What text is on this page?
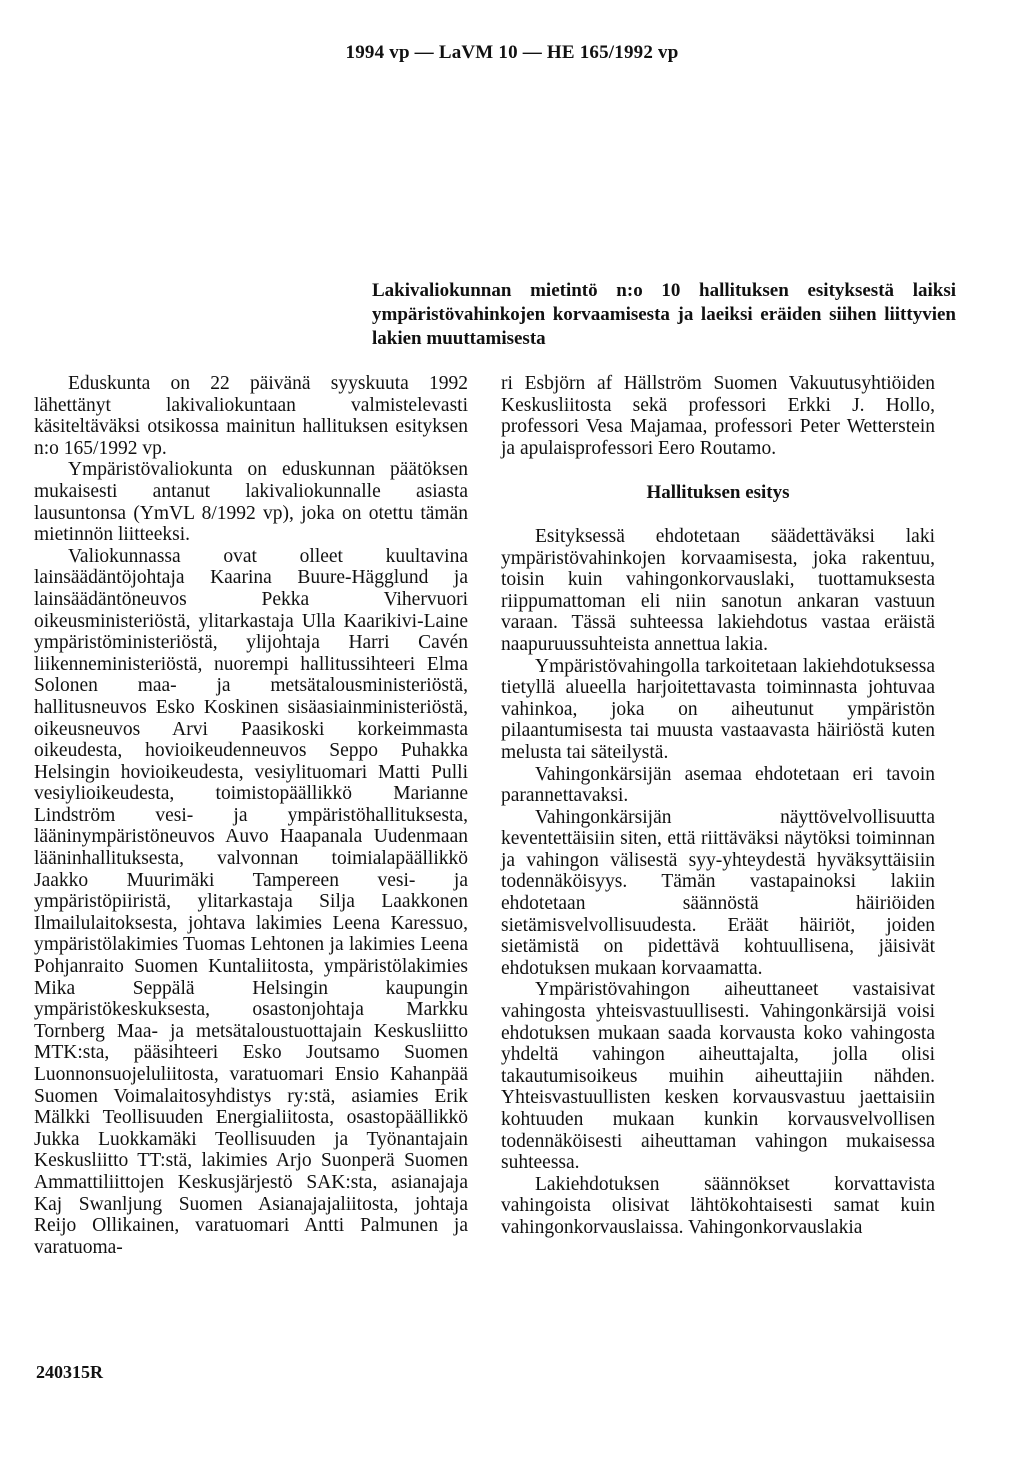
1994 vp — LaVM 10 — HE 165/1992 vp
Lakivaliokunnan mietintö n:o 10 hallituksen esityksestä laiksi ympäristövahinkojen korvaamisesta ja laeiksi eräiden siihen liittyvien lakien muuttamisesta

Eduskunta on 22 päivänä syyskuuta 1992 lähettänyt lakivaliokuntaan valmistelevasti käsiteltäväksi otsikossa mainitun hallituksen esityksen n:o 165/1992 vp.

Ympäristövaliokunta on eduskunnan päätöksen mukaisesti antanut lakivaliokunnalle asiasta lausuntonsa (YmVL 8/1992 vp), joka on otettu tämän mietinnön liitteeksi.

Valiokunnassa ovat olleet kuultavina lainsäädäntöjohtaja Kaarina Buure-Hägglund ja lainsäädäntöneuvos Pekka Vihervuori oikeusministeriöstä, ylitarkastaja Ulla Kaarikivi-Laine ympäristöministeriöstä, ylijohtaja Harri Cavén liikenneministeriöstä, nuorempi hallitussihteeri Elma Solonen maa- ja metsätalousministeriöstä, hallitusneuvos Esko Koskinen sisäasiainministeriöstä, oikeusneuvos Arvi Paasikoski korkeimmasta oikeudesta, hovioikeudenneuvos Seppo Puhakka Helsingin hovioikeudesta, vesiylituomari Matti Pulli vesiylioikeudesta, toimistopäällikkö Marianne Lindström vesi- ja ympäristöhallituksesta, lääninympäristöneuvos Auvo Haapanala Uudenmaan lääninhallituksesta, valvonnan toimialapäällikkö Jaakko Muurimäki Tampereen vesi- ja ympäristöpiiristä, ylitarkastaja Silja Laakkonen Ilmailulaitoksesta, johtava lakimies Leena Karessuo, ympäristölakimies Tuomas Lehtonen ja lakimies Leena Pohjanraito Suomen Kuntaliitosta, ympäristölakimies Mika Seppälä Helsingin kaupungin ympäristökeskuksesta, osastonjohtaja Markku Tornberg Maa- ja metsätaloustuottajain Keskusliitto MTK:sta, pääsihteeri Esko Joutsamo Suomen Luonnonsuojeluliitosta, varatuomari Ensio Kahanpää Suomen Voimalaitosyhdistys ry:stä, asiamies Erik Mälkki Teollisuuden Energialiitosta, osastopäällikkö Jukka Luokkamäki Teollisuuden ja Työnantajain Keskusliitto TT:stä, lakimies Arjo Suonperä Suomen Ammattiliittojen Keskusjärjestö SAK:sta, asianajaja Kaj Swanljung Suomen Asianajajaliitosta, johtaja Reijo Ollikainen, varatuomari Antti Palmunen ja varatuoma-

ri Esbjörn af Hällström Suomen Vakuutusyhtiöiden Keskusliitosta sekä professori Erkki J. Hollo, professori Vesa Majamaa, professori Peter Wetterstein ja apulaisprofessori Eero Routamo.

Hallituksen esitys

Esityksessä ehdotetaan säädettäväksi laki ympäristövahinkojen korvaamisesta, joka rakentuu, toisin kuin vahingonkorvauslaki, tuottamuksesta riippumattoman eli niin sanotun ankaran vastuun varaan. Tässä suhteessa lakiehdotus vastaa eräistä naapuruussuhteista annettua lakia.

Ympäristövahingolla tarkoitetaan lakiehdotuksessa tietyllä alueella harjoitettavasta toiminnasta johtuvaa vahinkoa, joka on aiheutunut ympäristön pilaantumisesta tai muusta vastaavasta häiriöstä kuten melusta tai säteilystä.

Vahingonkärsijän asemaa ehdotetaan eri tavoin parannettavaksi.

Vahingonkärsijän näyttövelvollisuutta keventettäisiin siten, että riittäväksi näytöksi toiminnan ja vahingon välisestä syy-yhteydestä hyväksyttäisiin todennäköisyys. Tämän vastapainoksi lakiin ehdotetaan säännöstä häiriöiden sietämisvelvollisuudesta. Eräät häiriöt, joiden sietämistä on pidettävä kohtuullisena, jäisivät ehdotuksen mukaan korvaamatta.

Ympäristövahingon aiheuttaneet vastaisivat vahingosta yhteisvastuullisesti. Vahingonkärsijä voisi ehdotuksen mukaan saada korvausta koko vahingosta yhdeltä vahingon aiheuttajalta, jolla olisi takautumisoikeus muihin aiheuttajiin nähden. Yhteisvastuullisten kesken korvausvastuu jaettaisiin kohtuuden mukaan kunkin korvausvelvollisen todennäköisesti aiheuttaman vahingon mukaisessa suhteessa.

Lakiehdotuksen säännökset korvattavista vahingoista olisivat lähtökohtaisesti samat kuin vahingonkorvauslaissa. Vahingonkorvauslakia

240315R
